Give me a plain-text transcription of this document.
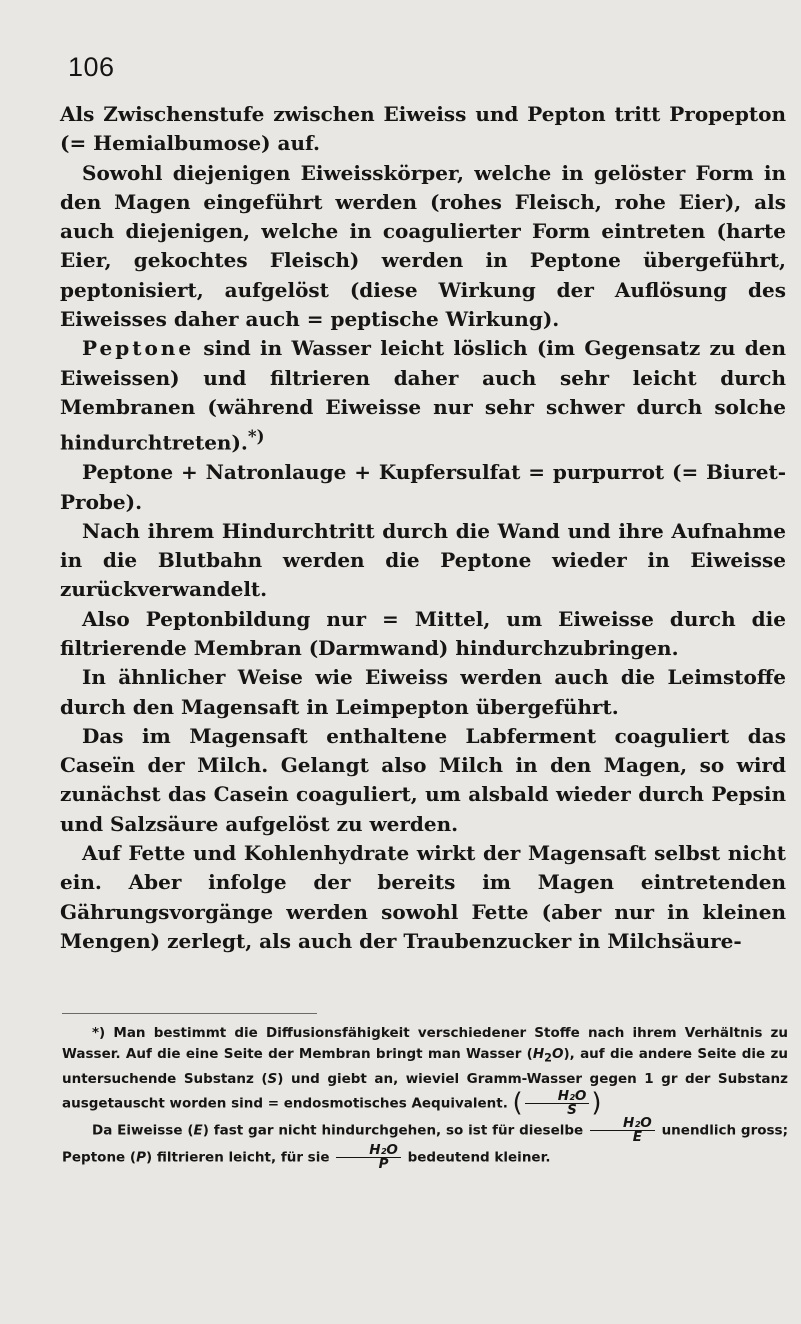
106

Als Zwischenstufe zwischen Eiweiss und Pepton tritt Propepton (= Hemialbumose) auf.

Sowohl diejenigen Eiweisskörper, welche in gelöster Form in den Magen eingeführt werden (rohes Fleisch, rohe Eier), als auch diejenigen, welche in coagulierter Form eintreten (harte Eier, gekochtes Fleisch) werden in Peptone übergeführt, peptonisiert, aufgelöst (diese Wirkung der Auflösung des Eiweisses daher auch = peptische Wirkung).

Peptone sind in Wasser leicht löslich (im Gegensatz zu den Eiweissen) und filtrieren daher auch sehr leicht durch Membranen (während Eiweisse nur sehr schwer durch solche hindurchtreten).*)

Peptone + Natronlauge + Kupfersulfat = purpurrot (= Biuret-Probe).

Nach ihrem Hindurchtritt durch die Wand und ihre Aufnahme in die Blutbahn werden die Peptone wieder in Eiweisse zurückverwandelt.

Also Peptonbildung nur = Mittel, um Eiweisse durch die filtrierende Membran (Darmwand) hindurchzubringen.

In ähnlicher Weise wie Eiweiss werden auch die Leimstoffe durch den Magensaft in Leimpepton übergeführt.

Das im Magensaft enthaltene Labferment coaguliert das Caseïn der Milch. Gelangt also Milch in den Magen, so wird zunächst das Casein coaguliert, um alsbald wieder durch Pepsin und Salzsäure aufgelöst zu werden.

Auf Fette und Kohlenhydrate wirkt der Magensaft selbst nicht ein. Aber infolge der bereits im Magen eintretenden Gährungsvorgänge werden sowohl Fette (aber nur in kleinen Mengen) zerlegt, als auch der Traubenzucker in Milchsäure-

*) Man bestimmt die Diffusionsfähigkeit verschiedener Stoffe nach ihrem Verhältnis zu Wasser. Auf die eine Seite der Membran bringt man Wasser $(H_2O)$, auf die andere Seite die zu untersuchende Substanz (S) und giebt an, wieviel Gramm-Wasser gegen 1 gr der Substanz ausgetauscht worden sind = endosmotisches Aequivalent. ( $\frac{\text{H₂O}}{S}$ )

Da Eiweisse (E) fast gar nicht hindurchgehen, so ist für dieselbe $\frac{\text{H₂O}}{E}$ unendlich gross; Peptone (P) filtrieren leicht, für sie $\frac{\text{H₂O}}{P}$ bedeutend kleiner.
